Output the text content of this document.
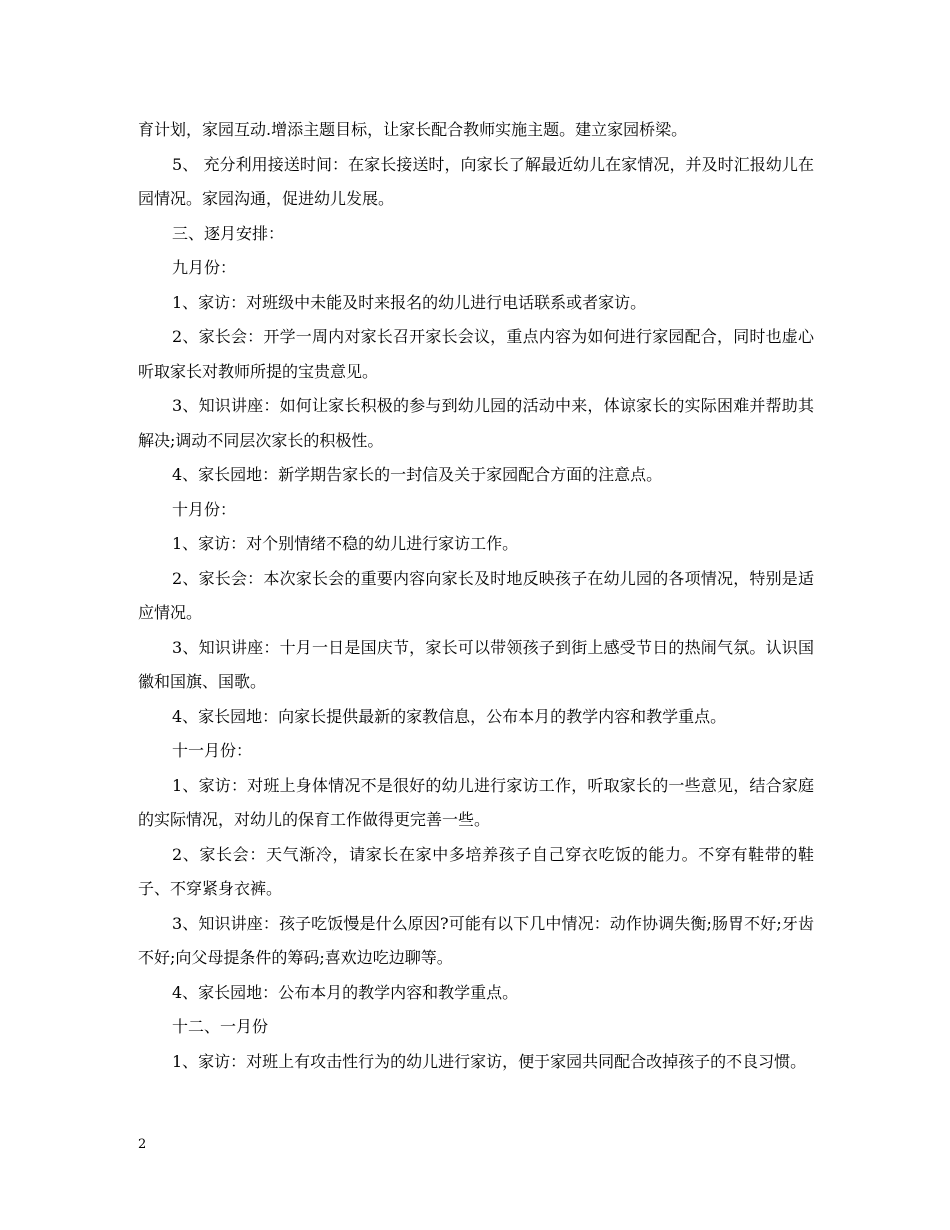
育计划，家园互动.增添主题目标，让家长配合教师实施主题。建立家园桥梁。

5、 充分利用接送时间：在家长接送时，向家长了解最近幼儿在家情况，并及时汇报幼儿在园情况。家园沟通，促进幼儿发展。

三、逐月安排：

九月份：

1、家访：对班级中未能及时来报名的幼儿进行电话联系或者家访。

2、家长会：开学一周内对家长召开家长会议，重点内容为如何进行家园配合，同时也虚心听取家长对教师所提的宝贵意见。

3、知识讲座：如何让家长积极的参与到幼儿园的活动中来，体谅家长的实际困难并帮助其解决;调动不同层次家长的积极性。

4、家长园地：新学期告家长的一封信及关于家园配合方面的注意点。

十月份：

1、家访：对个别情绪不稳的幼儿进行家访工作。

2、家长会：本次家长会的重要内容向家长及时地反映孩子在幼儿园的各项情况，特别是适应情况。

3、知识讲座：十月一日是国庆节，家长可以带领孩子到街上感受节日的热闹气氛。认识国徽和国旗、国歌。

4、家长园地：向家长提供最新的家教信息，公布本月的教学内容和教学重点。

十一月份：

1、家访：对班上身体情况不是很好的幼儿进行家访工作，听取家长的一些意见，结合家庭的实际情况，对幼儿的保育工作做得更完善一些。

2、家长会：天气渐冷，请家长在家中多培养孩子自己穿衣吃饭的能力。不穿有鞋带的鞋子、不穿紧身衣裤。

3、知识讲座：孩子吃饭慢是什么原因?可能有以下几中情况：动作协调失衡;肠胃不好;牙齿不好;向父母提条件的筹码;喜欢边吃边聊等。

4、家长园地：公布本月的教学内容和教学重点。

十二、一月份

1、家访：对班上有攻击性行为的幼儿进行家访，便于家园共同配合改掉孩子的不良习惯。

2
